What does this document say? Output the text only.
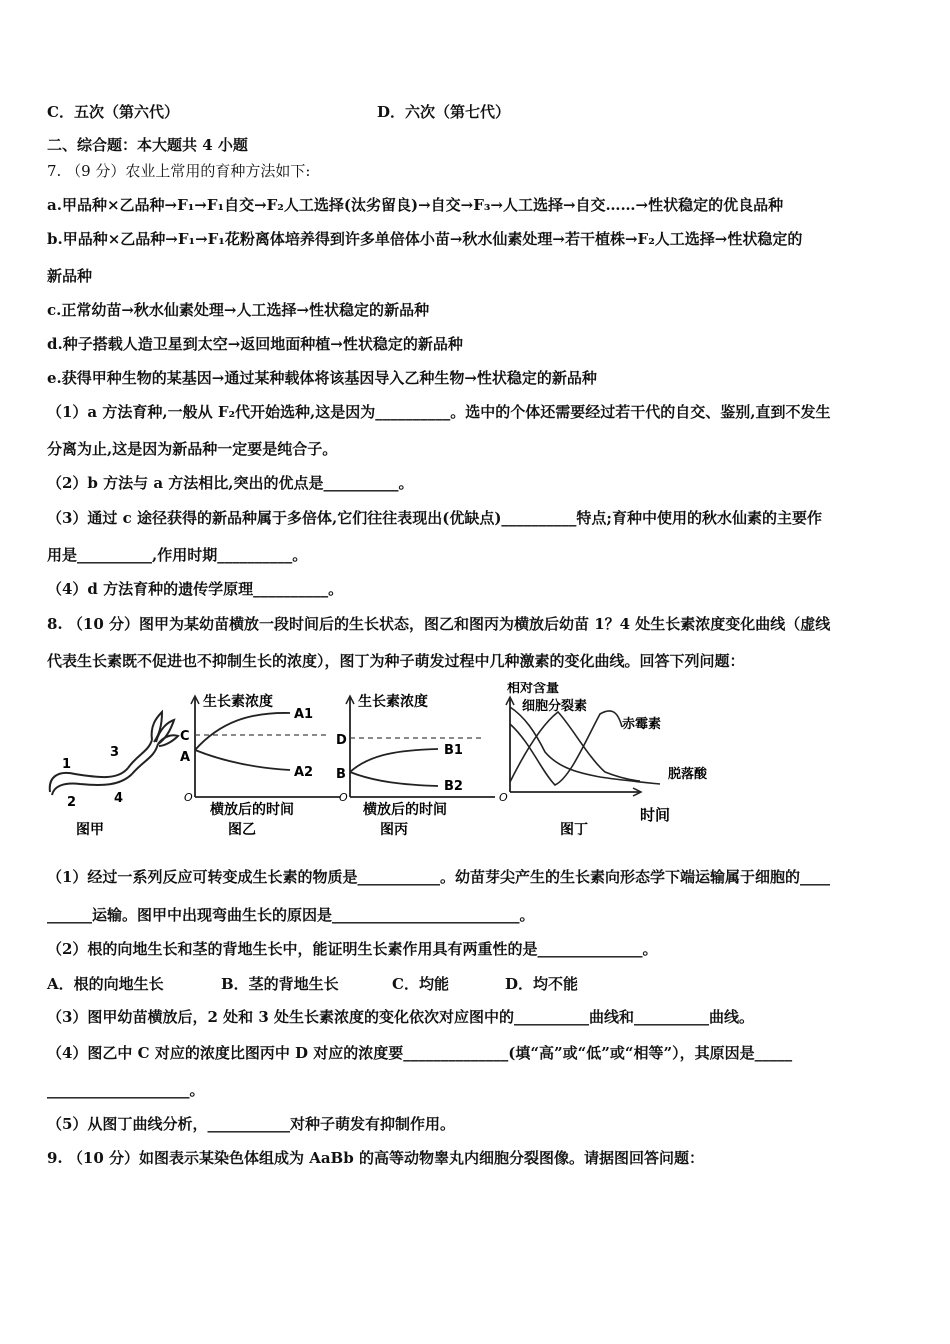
C．五次（第六代）	D．六次（第七代）
二、综合题：本大题共 4 小题
7. （9 分）农业上常用的育种方法如下:
a.甲品种×乙品种→F₁→F₁自交→F₂人工选择(汰劣留良)→自交→F₃→人工选择→自交……→性状稳定的优良品种
b.甲品种×乙品种→F₁→F₁花粉离体培养得到许多单倍体小苗→秋水仙素处理→若干植株→F₂人工选择→性状稳定的
新品种
c.正常幼苗→秋水仙素处理→人工选择→性状稳定的新品种
d.种子搭载人造卫星到太空→返回地面种植→性状稳定的新品种
e.获得甲种生物的某基因→通过某种载体将该基因导入乙种生物→性状稳定的新品种
（1）a 方法育种,一般从 F₂代开始选种,这是因为__________。选中的个体还需要经过若干代的自交、鉴别,直到不发生
分离为止,这是因为新品种一定要是纯合子。
（2）b 方法与 a 方法相比,突出的优点是__________。
（3）通过 c 途径获得的新品种属于多倍体,它们往往表现出(优缺点)__________特点;育种中使用的秋水仙素的主要作
用是__________,作用时期__________。
（4）d 方法育种的遗传学原理__________。
8. （10 分）图甲为某幼苗横放一段时间后的生长状态，图乙和图丙为横放后幼苗 1？4 处生长素浓度变化曲线（虚线
代表生长素既不促进也不抑制生长的浓度），图丁为种子萌发过程中几种激素的变化曲线。回答下列问题：
1
2
3
4
图甲
生长素浓度
C
A
A1
A2
O
横放后的时间
图乙
生长素浓度
D
B
B1
B2
O
横放后的时间
图丙
相对含量
细胞分裂素
赤霉素
脱落酸
O
时间
图丁
（1）经过一系列反应可转变成生长素的物质是___________。幼苗芽尖产生的生长素向形态学下端运输属于细胞的____
______运输。图甲中出现弯曲生长的原因是_________________________。
（2）根的向地生长和茎的背地生长中，能证明生长素作用具有两重性的是______________。
A．根的向地生长	B．茎的背地生长	C．均能	D．均不能
（3）图甲幼苗横放后，2 处和 3 处生长素浓度的变化依次对应图中的__________曲线和__________曲线。
（4）图乙中 C 对应的浓度比图丙中 D 对应的浓度要______________(填“高”或“低”或“相等”），其原因是_____
___________________。
（5）从图丁曲线分析，___________对种子萌发有抑制作用。
9. （10 分）如图表示某染色体组成为 AaBb 的高等动物睾丸内细胞分裂图像。请据图回答问题：
